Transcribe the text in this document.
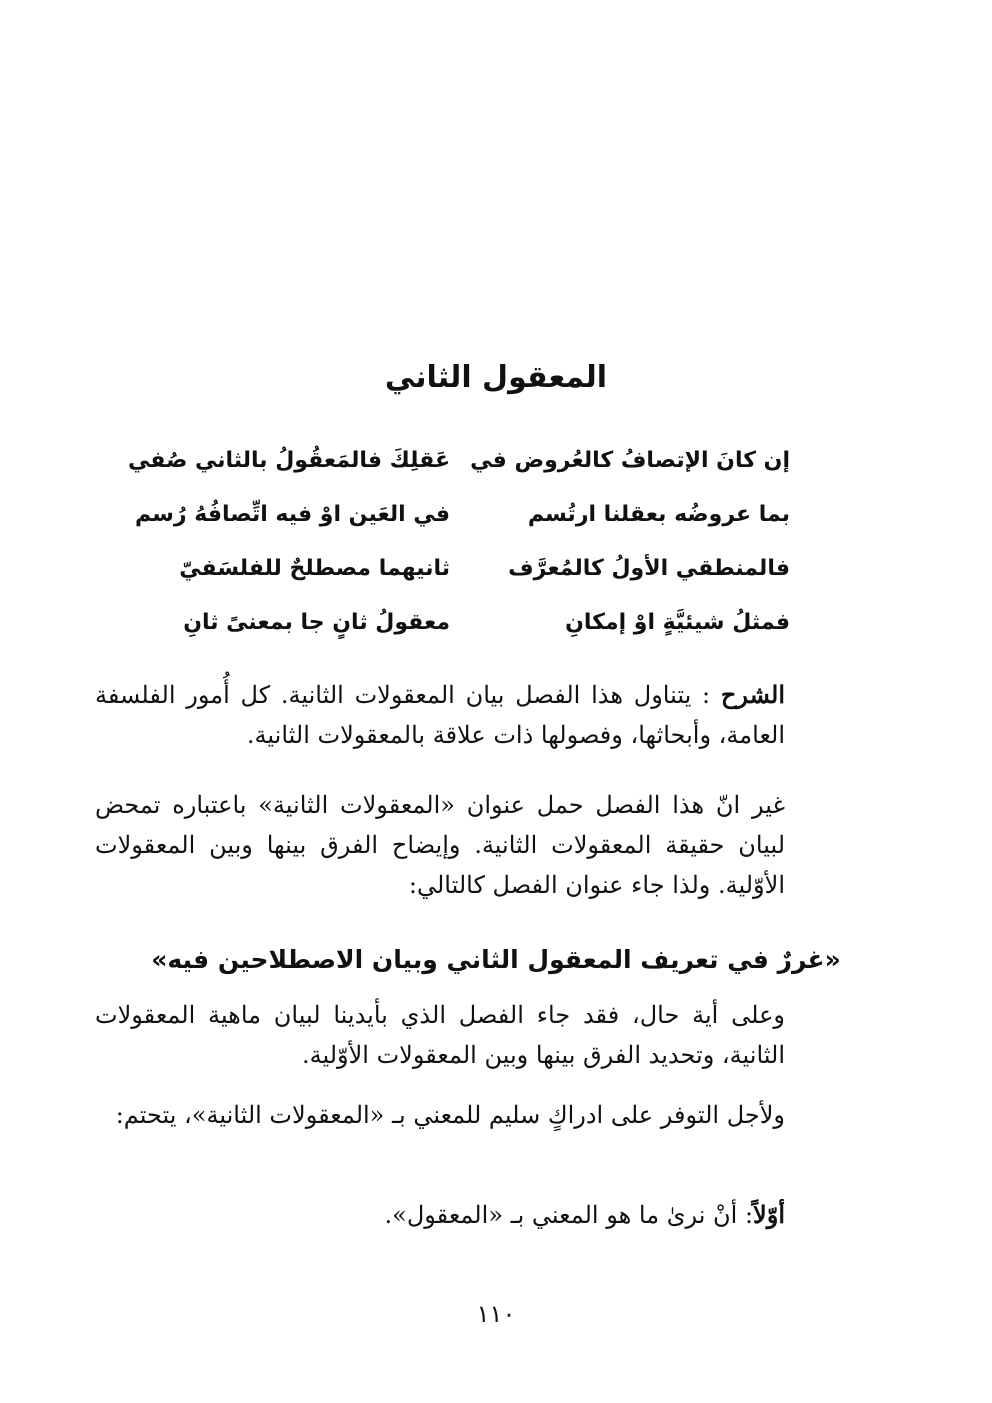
المعقول الثاني
إن كانَ الإتصافُ كالعُروض في
عَقلِكَ فالمَعقُولُ بالثاني صُفي
بما عروضُه بعقلنا ارتُسم
في العَين اوْ فيه اتِّصافُهُ رُسم
فالمنطقي الأولُ كالمُعرَّف
ثانيهما مصطلحٌ للفلسَفيّ
فمثلُ شيئيَّةٍ اوْ إمكانِ
معقولُ ثانٍ جا بمعنىً ثانِ
الشرح : يتناول هذا الفصل بيان المعقولات الثانية. كل أُمور الفلسفة العامة، وأبحاثها، وفصولها ذات علاقة بالمعقولات الثانية.
غير انّ هذا الفصل حمل عنوان «المعقولات الثانية» باعتباره تمحض لبيان حقيقة المعقولات الثانية. وإيضاح الفرق بينها وبين المعقولات الأوّلية. ولذا جاء عنوان الفصل كالتالي:
«غررٌ في تعريف المعقول الثاني وبيان الاصطلاحين فيه»
وعلى أية حال، فقد جاء الفصل الذي بأيدينا لبيان ماهية المعقولات الثانية، وتحديد الفرق بينها وبين المعقولات الأوّلية.
ولأجل التوفر على ادراكٍ سليم للمعني بـ «المعقولات الثانية»، يتحتم:
أوّلاً: أنْ نرىٰ ما هو المعني بـ «المعقول».
١١٠
